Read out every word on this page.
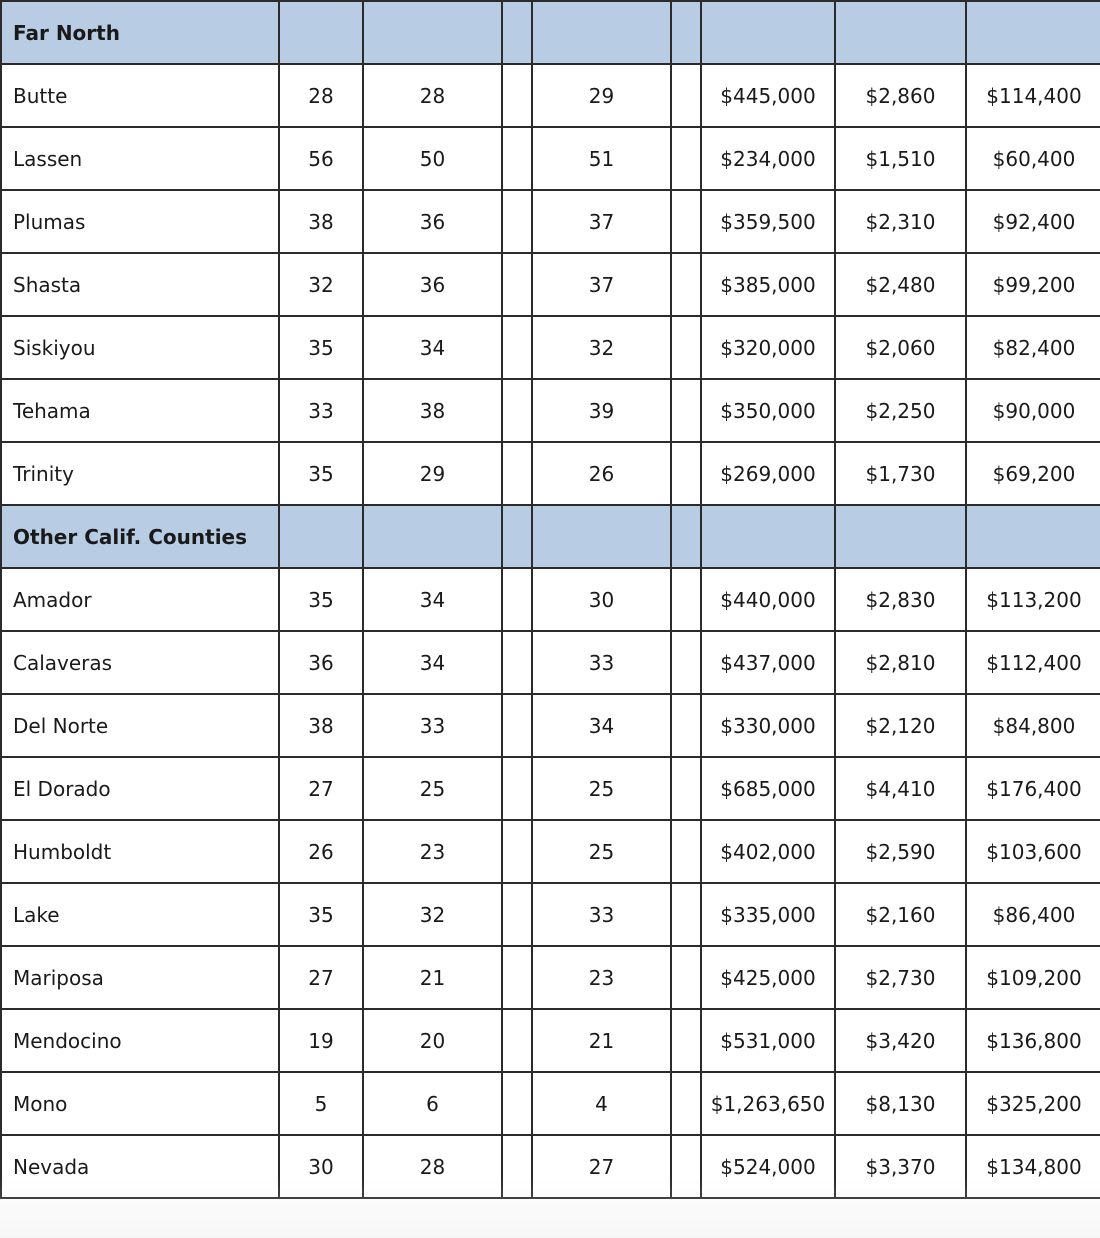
Far North								
Butte	28	28		29		$445,000	$2,860	$114,400
Lassen	56	50		51		$234,000	$1,510	$60,400
Plumas	38	36		37		$359,500	$2,310	$92,400
Shasta	32	36		37		$385,000	$2,480	$99,200
Siskiyou	35	34		32		$320,000	$2,060	$82,400
Tehama	33	38		39		$350,000	$2,250	$90,000
Trinity	35	29		26		$269,000	$1,730	$69,200
Other Calif. Counties								
Amador	35	34		30		$440,000	$2,830	$113,200
Calaveras	36	34		33		$437,000	$2,810	$112,400
Del Norte	38	33		34		$330,000	$2,120	$84,800
El Dorado	27	25		25		$685,000	$4,410	$176,400
Humboldt	26	23		25		$402,000	$2,590	$103,600
Lake	35	32		33		$335,000	$2,160	$86,400
Mariposa	27	21		23		$425,000	$2,730	$109,200
Mendocino	19	20		21		$531,000	$3,420	$136,800
Mono	5	6		4		$1,263,650	$8,130	$325,200
Nevada	30	28		27		$524,000	$3,370	$134,800
